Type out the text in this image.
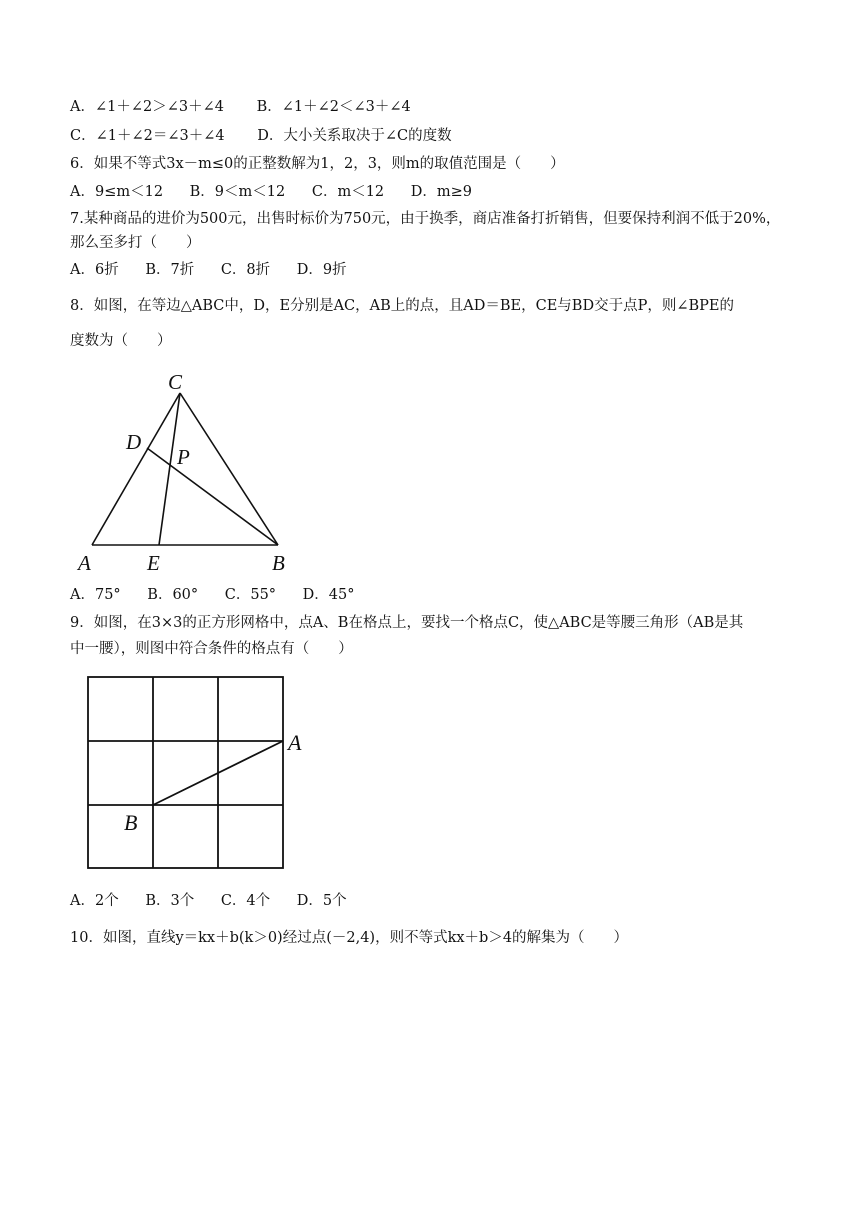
A．∠1＋∠2＞∠3＋∠4 B．∠1＋∠2＜∠3＋∠4
C．∠1＋∠2＝∠3＋∠4 D．大小关系取决于∠C的度数
6．如果不等式3x－m≤0的正整数解为1，2，3，则m的取值范围是（　　）
A．9≤m＜12 B．9＜m＜12 C．m＜12 D．m≥9
7.某种商品的进价为500元，出售时标价为750元，由于换季，商店准备打折销售，但要保持利润不低于20%，
那么至多打（　　）
A．6折 B．7折 C．8折 D．9折
8．如图，在等边△ABC中，D，E分别是AC，AB上的点，且AD＝BE，CE与BD交于点P，则∠BPE的
度数为（　　）
C
D
P
A	E	B
A．75° B．60° C．55° D．45°
9．如图，在3×3的正方形网格中，点A、B在格点上，要找一个格点C，使△ABC是等腰三角形（AB是其
中一腰），则图中符合条件的格点有（　　）
A
B
A．2个 B．3个 C．4个 D．5个
10．如图，直线y＝kx＋b(k＞0)经过点(－2,4)，则不等式kx＋b＞4的解集为（　　）
